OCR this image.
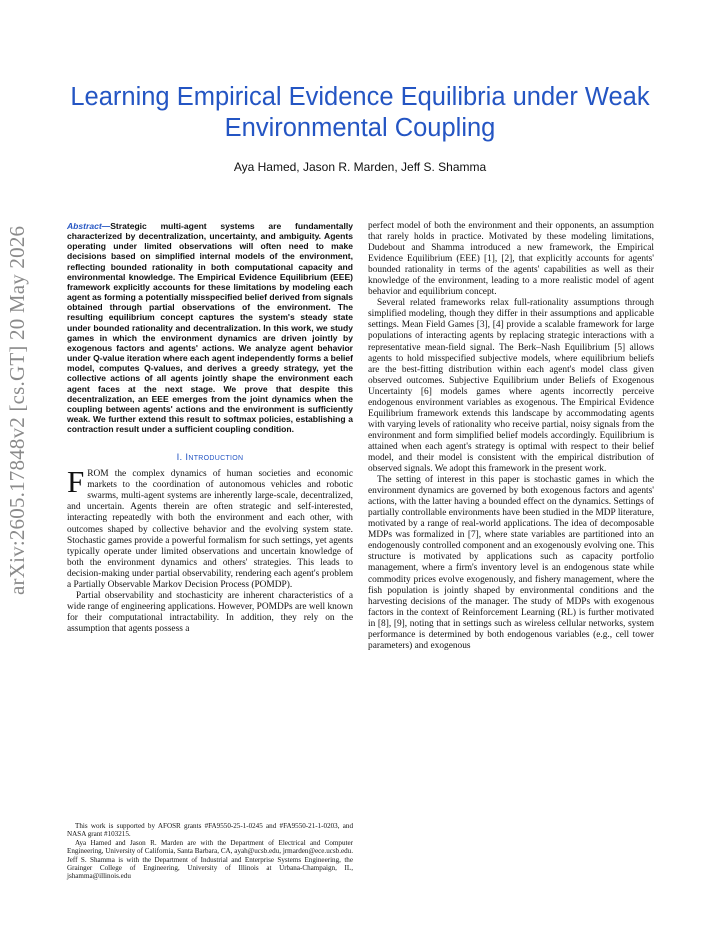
Learning Empirical Evidence Equilibria under Weak Environmental Coupling
Aya Hamed, Jason R. Marden, Jeff S. Shamma
arXiv:2605.17848v2 [cs.GT] 20 May 2026	Abstract—Strategic multi-agent systems are fundamentally characterized by decentralization, uncertainty, and ambiguity. Agents operating under limited observations will often need to make decisions based on simplified internal models of the environment, reflecting bounded rationality in both computational capacity and environmental knowledge. The Empirical Evidence Equilibrium (EEE) framework explicitly accounts for these limitations by modeling each agent as forming a potentially misspecified belief derived from signals obtained through partial observations of the environment. The resulting equilibrium concept captures the system's steady state under bounded rationality and decentralization. In this work, we study games in which the environment dynamics are driven jointly by exogenous factors and agents' actions. We analyze agent behavior under Q-value iteration where each agent independently forms a belief model, computes Q-values, and derives a greedy strategy, yet the collective actions of all agents jointly shape the environment each agent faces at the next stage. We prove that despite this decentralization, an EEE emerges from the joint dynamics when the coupling between agents' actions and the environment is sufficiently weak. We further extend this result to softmax policies, establishing a contraction result under a sufficient coupling condition.

I. Introduction

FROM the complex dynamics of human societies and economic markets to the coordination of autonomous vehicles and robotic swarms, multi-agent systems are inherently large-scale, decentralized, and uncertain. Agents therein are often strategic and self-interested, interacting repeatedly with both the environment and each other, with outcomes shaped by collective behavior and the evolving system state. Stochastic games provide a powerful formalism for such settings, yet agents typically operate under limited observations and uncertain knowledge of both the environment dynamics and others' strategies. This leads to decision-making under partial observability, rendering each agent's problem a Partially Observable Markov Decision Process (POMDP).

Partial observability and stochasticity are inherent characteristics of a wide range of engineering applications. However, POMDPs are well known for their computational intractability. In addition, they rely on the assumption that agents possess a

perfect model of both the environment and their opponents, an assumption that rarely holds in practice. Motivated by these modeling limitations, Dudebout and Shamma introduced a new framework, the Empirical Evidence Equilibrium (EEE) [1], [2], that explicitly accounts for agents' bounded rationality in terms of the agents' capabilities as well as their knowledge of the environment, leading to a more realistic model of agent behavior and equilibrium concept.

Several related frameworks relax full-rationality assumptions through simplified modeling, though they differ in their assumptions and applicable settings. Mean Field Games [3], [4] provide a scalable framework for large populations of interacting agents by replacing strategic interactions with a representative mean-field signal. The Berk–Nash Equilibrium [5] allows agents to hold misspecified subjective models, where equilibrium beliefs are the best-fitting distribution within each agent's model class given observed outcomes. Subjective Equilibrium under Beliefs of Exogenous Uncertainty [6] models games where agents incorrectly perceive endogenous environment variables as exogenous. The Empirical Evidence Equilibrium framework extends this landscape by accommodating agents with varying levels of rationality who receive partial, noisy signals from the environment and form simplified belief models accordingly. Equilibrium is attained when each agent's strategy is optimal with respect to their belief model, and their model is consistent with the empirical distribution of observed signals. We adopt this framework in the present work.

The setting of interest in this paper is stochastic games in which the environment dynamics are governed by both exogenous factors and agents' actions, with the latter having a bounded effect on the dynamics. Settings of partially controllable environments have been studied in the MDP literature, motivated by a range of real-world applications. The idea of decomposable MDPs was formalized in [7], where state variables are partitioned into an endogenously controlled component and an exogenously evolving one. This structure is motivated by applications such as capacity portfolio management, where a firm's inventory level is an endogenous state while commodity prices evolve exogenously, and fishery management, where the fish population is jointly shaped by environmental conditions and the harvesting decisions of the manager. The study of MDPs with exogenous factors in the context of Reinforcement Learning (RL) is further motivated in [8], [9], noting that in settings such as wireless cellular networks, system performance is determined by both endogenous variables (e.g., cell tower parameters) and exogenous

This work is supported by AFOSR grants #FA9550-25-1-0245 and #FA9550-21-1-0203, and NASA grant #103215.

Aya Hamed and Jason R. Marden are with the Department of Electrical and Computer Engineering, University of California, Santa Barbara, CA, ayah@ucsb.edu, jrmarden@ece.ucsb.edu. Jeff S. Shamma is with the Department of Industrial and Enterprise Systems Engineering, the Grainger College of Engineering, University of Illinois at Urbana-Champaign, IL, jshamma@illinois.edu
